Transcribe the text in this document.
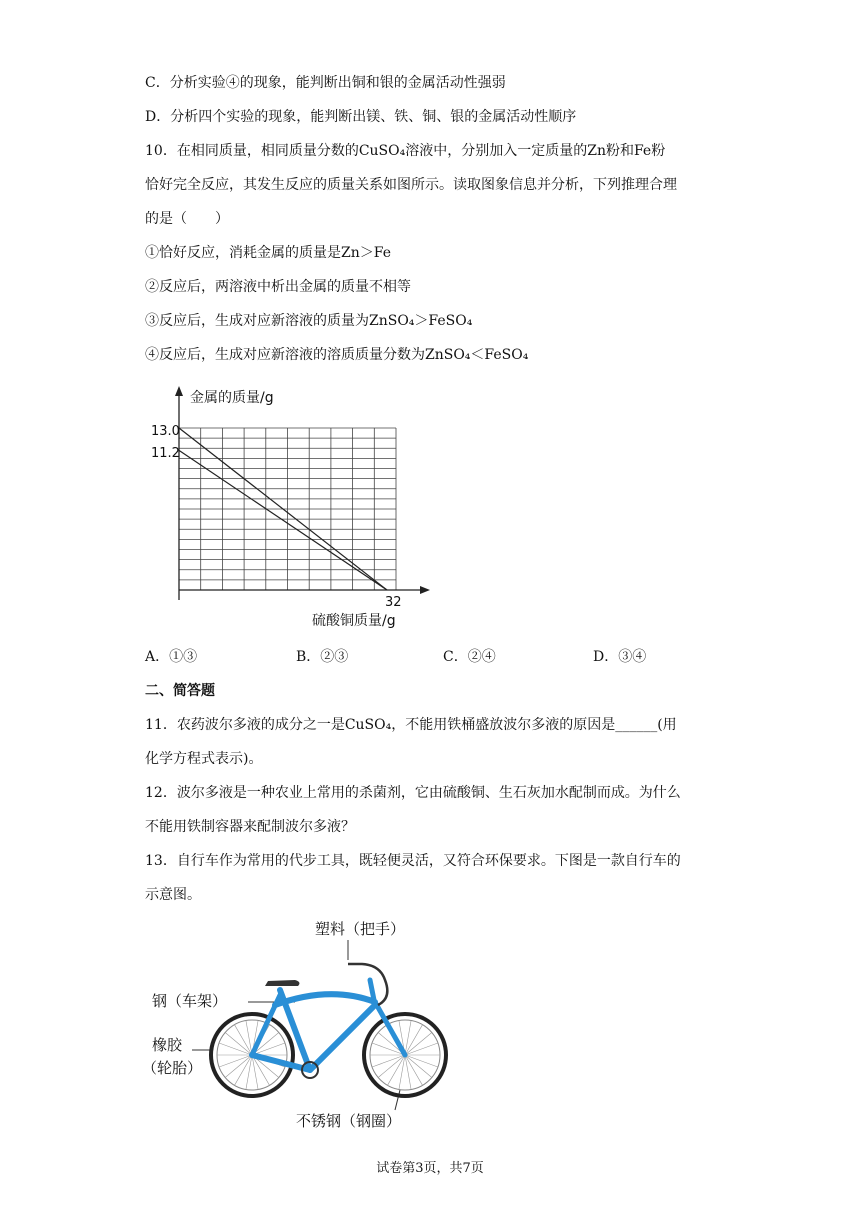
C．分析实验④的现象，能判断出铜和银的金属活动性强弱
D．分析四个实验的现象，能判断出镁、铁、铜、银的金属活动性顺序
10．在相同质量，相同质量分数的CuSO₄溶液中，分别加入一定质量的Zn粉和Fe粉
恰好完全反应，其发生反应的质量关系如图所示。读取图象信息并分析，下列推理合理
的是（　　）
①恰好反应，消耗金属的质量是Zn＞Fe
②反应后，两溶液中析出金属的质量不相等
③反应后，生成对应新溶液的质量为ZnSO₄＞FeSO₄
④反应后，生成对应新溶液的溶质质量分数为ZnSO₄＜FeSO₄
金属的质量/g
13.0
11.2
32
硫酸铜质量/g
A．①③	B．②③	C．②④	D．③④
二、简答题
11．农药波尔多液的成分之一是CuSO₄，不能用铁桶盛放波尔多液的原因是______(用
化学方程式表示)。
12．波尔多液是一种农业上常用的杀菌剂，它由硫酸铜、生石灰加水配制而成。为什么
不能用铁制容器来配制波尔多液？
13．自行车作为常用的代步工具，既轻便灵活，又符合环保要求。下图是一款自行车的
示意图。
塑料（把手）
钢（车架）
橡胶
（轮胎）
不锈钢（钢圈）
试卷第3页，共7页
